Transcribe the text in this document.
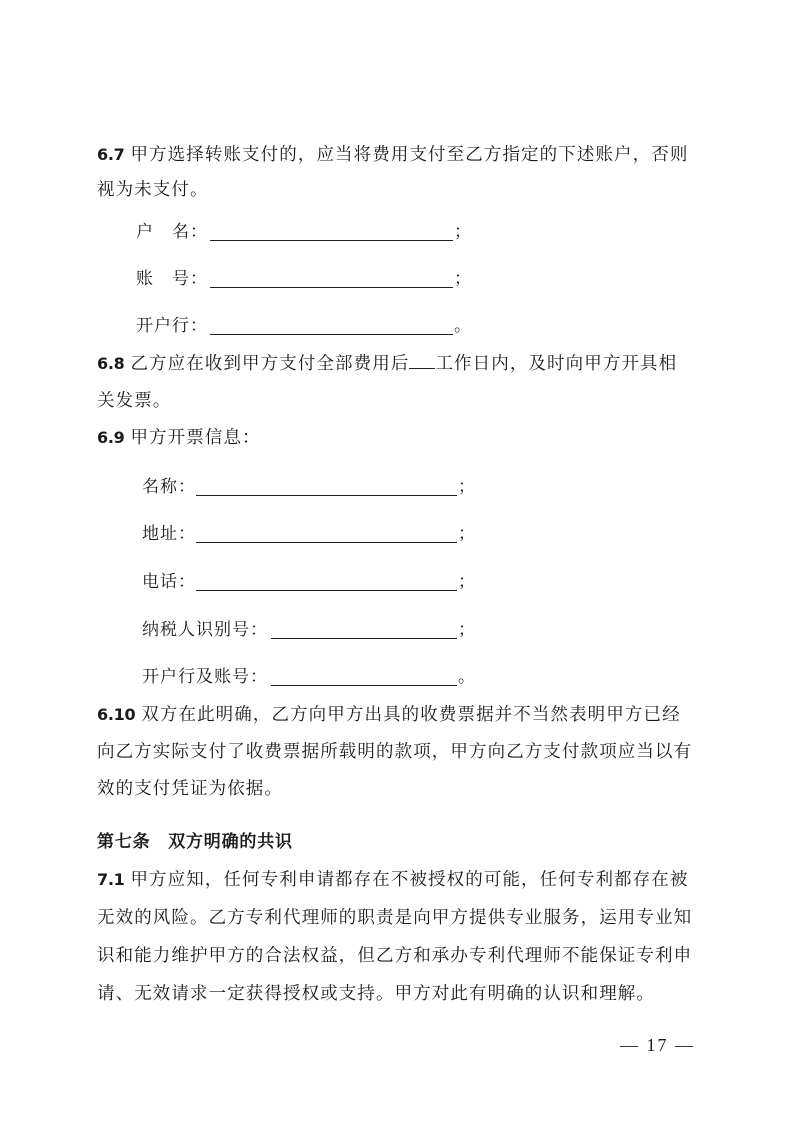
6.7 甲方选择转账支付的，应当将费用支付至乙方指定的下述账户，否则
视为未支付。
户　名：	；
账　号：	；
开户行：	。
6.8 乙方应在收到甲方支付全部费用后 工作日内，及时向甲方开具相
关发票。
6.9 甲方开票信息：
名称：	；
地址：	；
电话：	；
纳税人识别号：	；
开户行及账号：	。
6.10 双方在此明确，乙方向甲方出具的收费票据并不当然表明甲方已经
向乙方实际支付了收费票据所载明的款项，甲方向乙方支付款项应当以有
效的支付凭证为依据。
第七条　双方明确的共识
7.1 甲方应知，任何专利申请都存在不被授权的可能，任何专利都存在被
无效的风险。乙方专利代理师的职责是向甲方提供专业服务，运用专业知
识和能力维护甲方的合法权益，但乙方和承办专利代理师不能保证专利申
请、无效请求一定获得授权或支持。甲方对此有明确的认识和理解。
— 17 —
